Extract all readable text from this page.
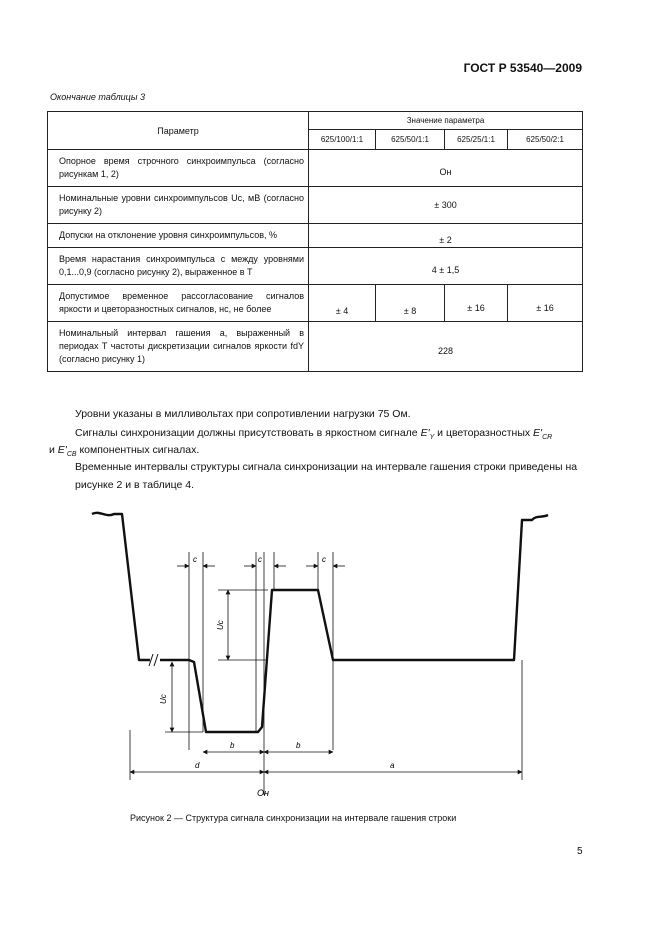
ГОСТ Р 53540—2009
Окончание таблицы 3
Параметр	Значение параметра			
	625/100/1:1	625/50/1:1	625/25/1:1	625/50/2:1
Опорное время строчного синхроимпульса (согласно рисункам 1, 2)	Oн			
Номинальные уровни синхроимпульсов Uc, мВ (согласно рисунку 2)	± 300			
Допуски на отклонение уровня синхроимпульсов, %	± 2			
Время нарастания синхроимпульса c между уровнями 0,1...0,9 (согласно рисунку 2), выраженное в T	4 ± 1,5			
Допустимое временное рассогласование сигналов яркости и цветоразностных сигналов, нс, не более	± 4	± 8	± 16	± 16
Номинальный интервал гашения a, выраженный в периодах T частоты дискретизации сигналов яркости fdY (согласно рисунку 1)	228			
Уровни указаны в милливольтах при сопротивлении нагрузки 75 Ом.
Сигналы синхронизации должны присутствовать в яркостном сигнале $E'_Y$ и цветоразностных $E'_{CR}$
и $E'_{CB}$ компонентных сигналах.
Временные интервалы структуры сигнала синхронизации на интервале гашения строки приведены на рисунке 2 и в таблице 4.
c	c	c
Uc
Uc
b	b
d	a
Oн
Рисунок 2 — Структура сигнала синхронизации на интервале гашения строки
5
